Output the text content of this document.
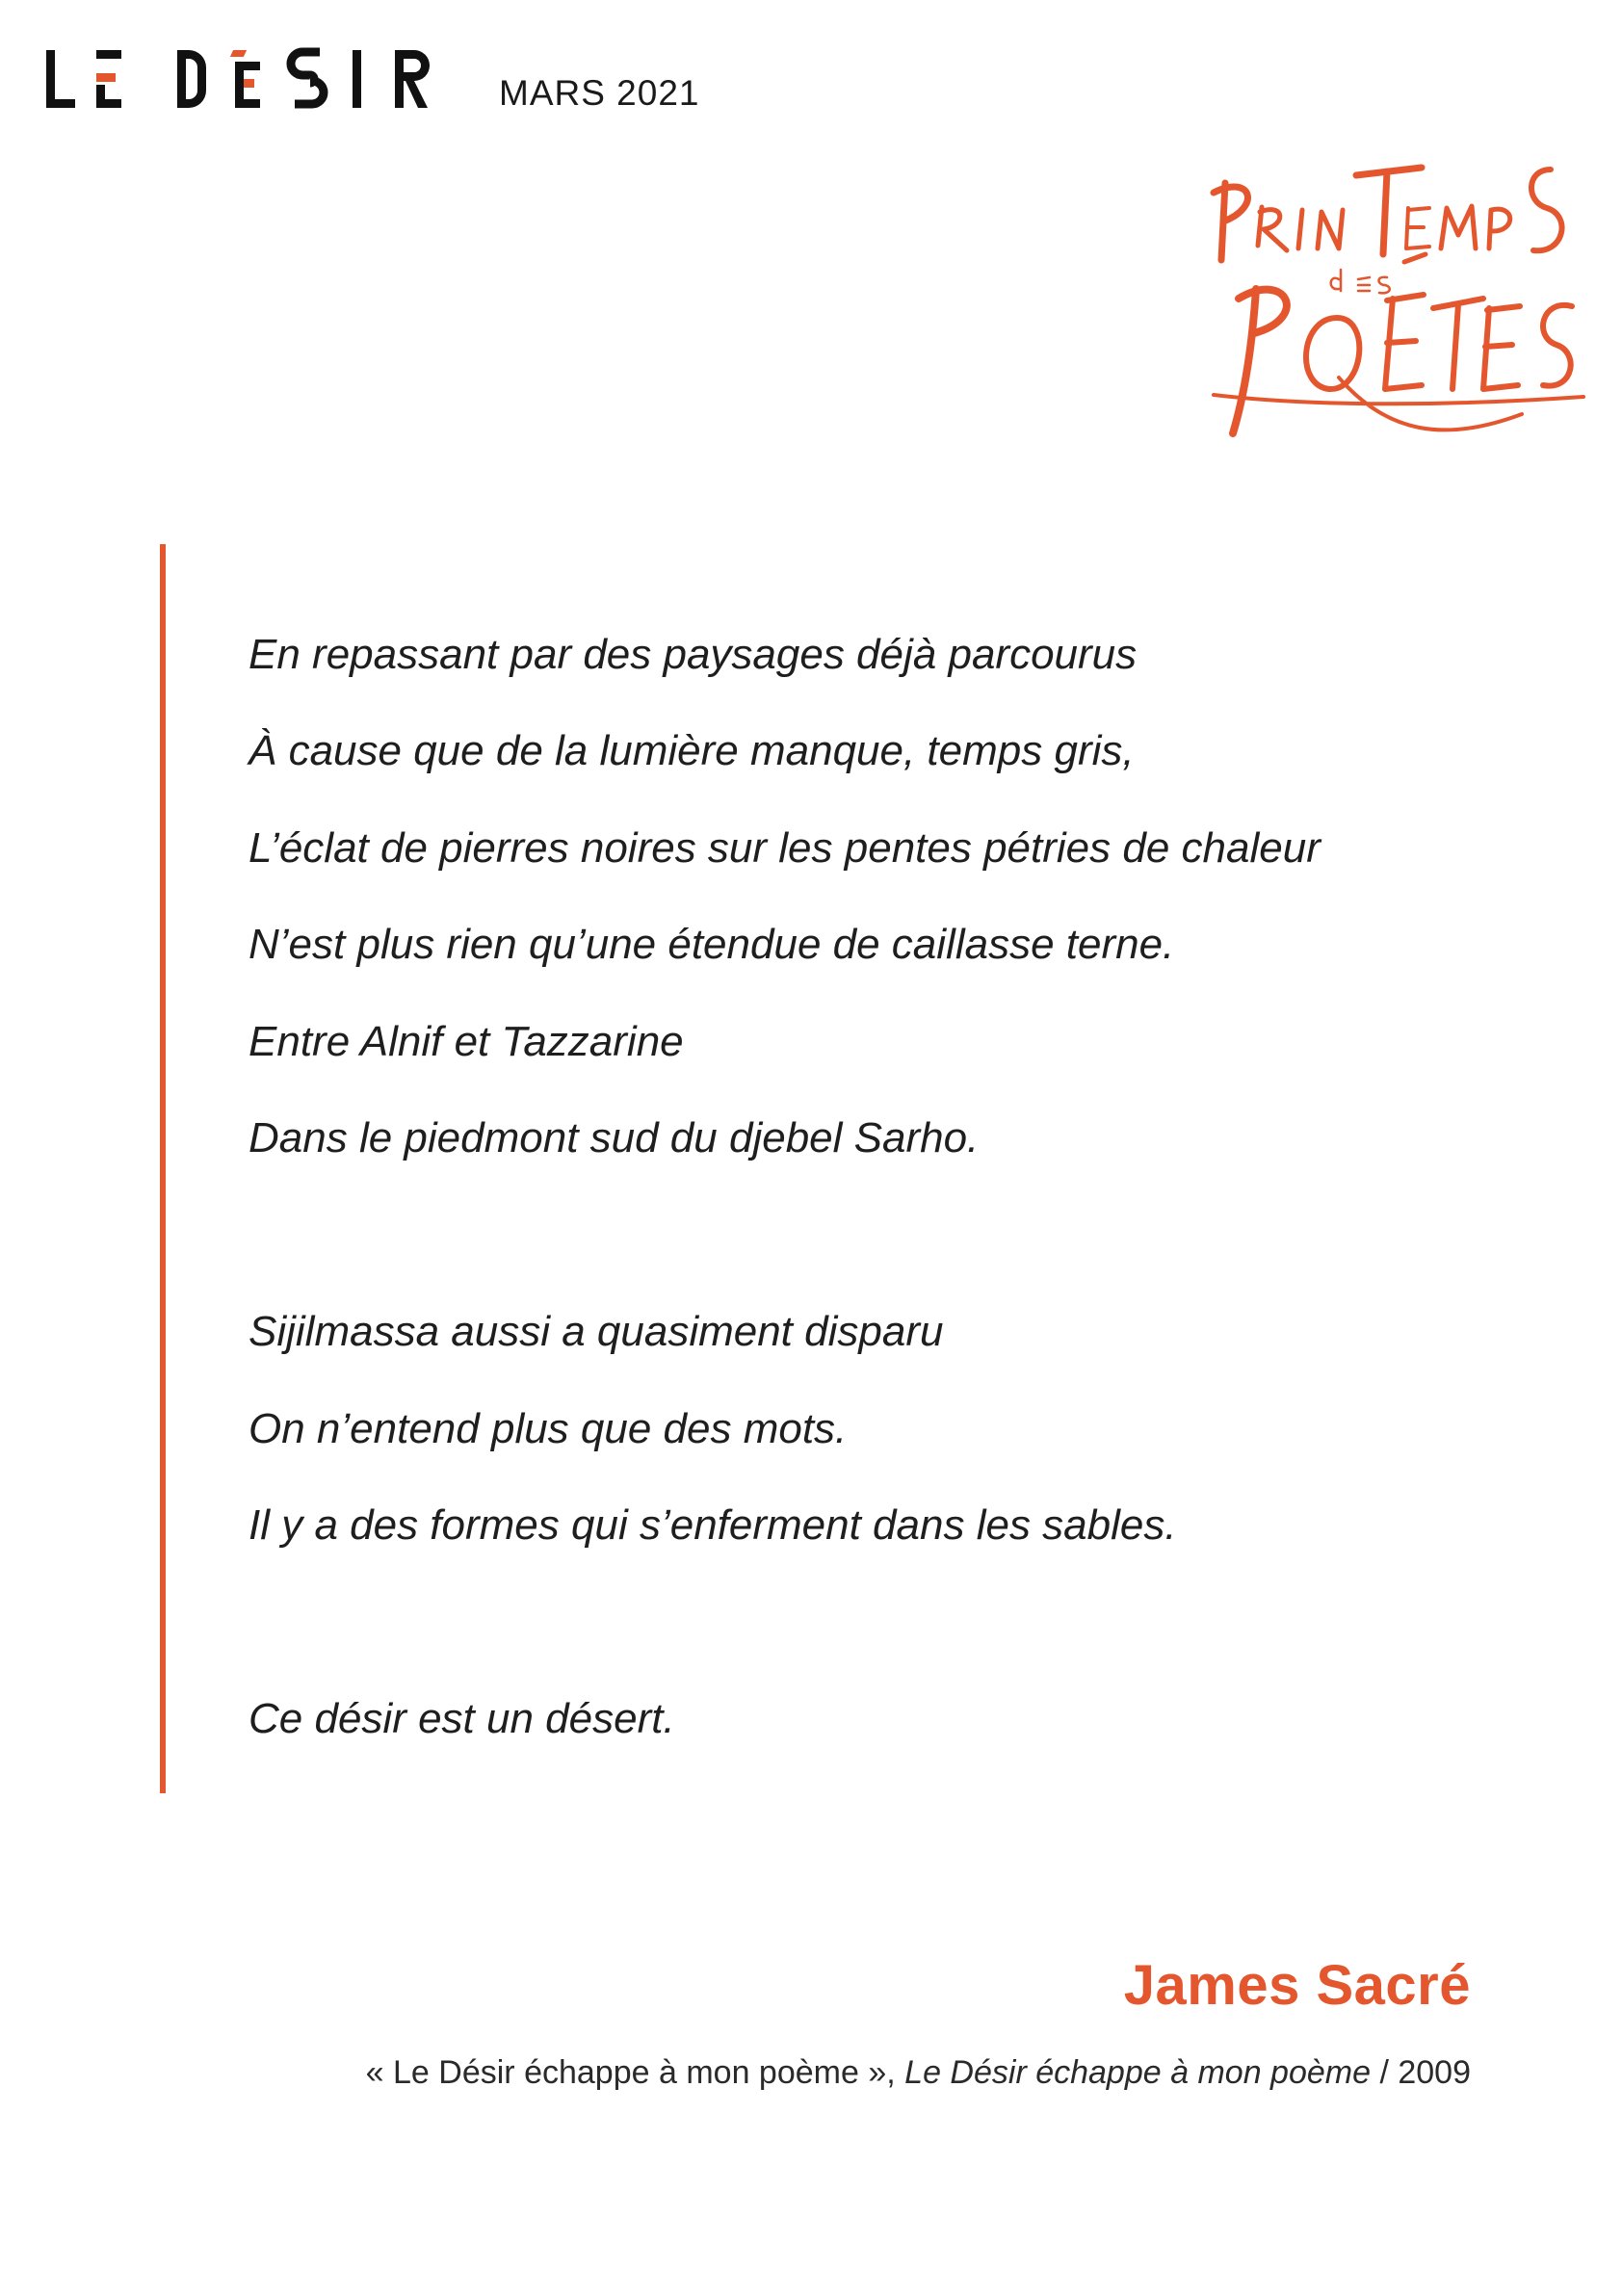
MARS 2021
En repassant par des paysages déjà parcourus
À cause que de la lumière manque, temps gris,
L’éclat de pierres noires sur les pentes pétries de chaleur
N’est plus rien qu’une étendue de caillasse terne.
Entre Alnif et Tazzarine
Dans le piedmont sud du djebel Sarho.
Sijilmassa aussi a quasiment disparu
On n’entend plus que des mots.
Il y a des formes qui s’enferment dans les sables.
Ce désir est un désert.
James Sacré
« Le Désir échappe à mon poème », Le Désir échappe à mon poème / 2009
